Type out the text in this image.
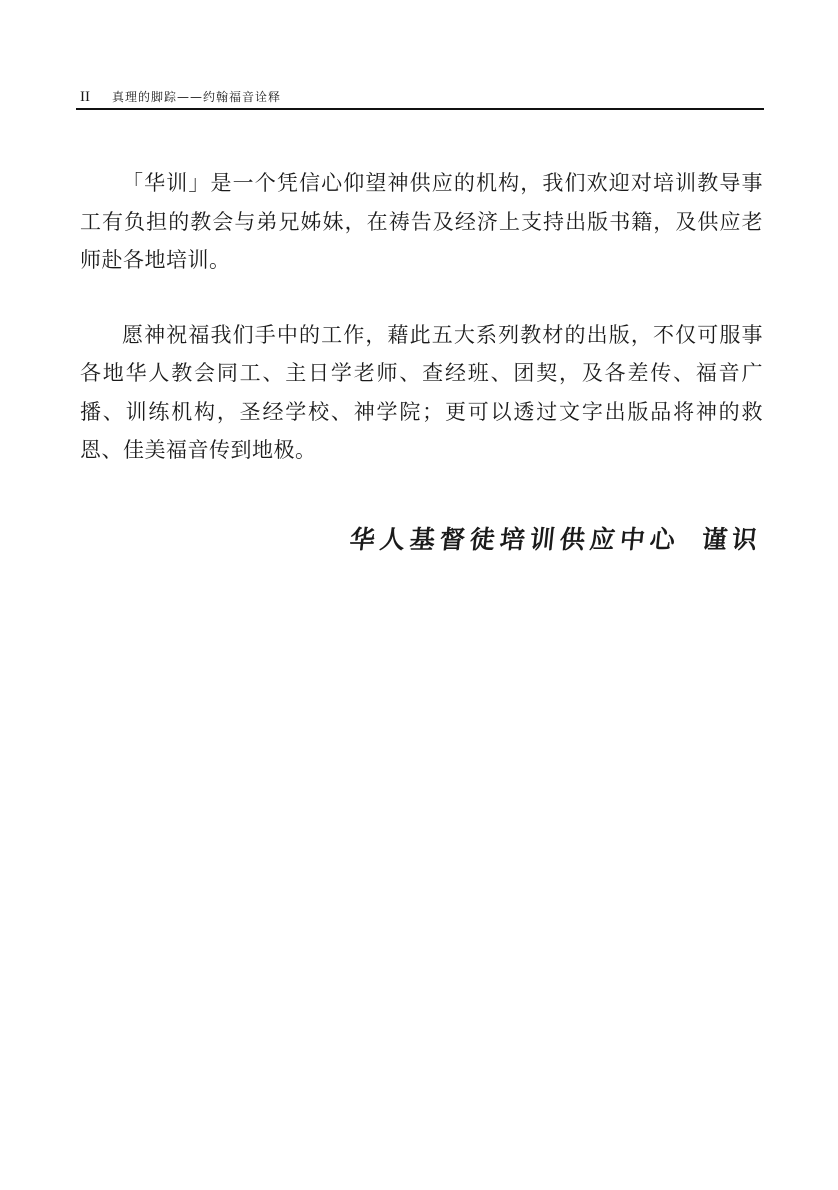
II 真理的脚踪——约翰福音诠释

「华训」是一个凭信心仰望神供应的机构，我们欢迎对培训教导事工有负担的教会与弟兄姊妹，在祷告及经济上支持出版书籍，及供应老师赴各地培训。

愿神祝福我们手中的工作，藉此五大系列教材的出版，不仅可服事各地华人教会同工、主日学老师、查经班、团契，及各差传、福音广播、训练机构，圣经学校、神学院；更可以透过文字出版品将神的救恩、佳美福音传到地极。

华人基督徒培训供应中心 谨识
